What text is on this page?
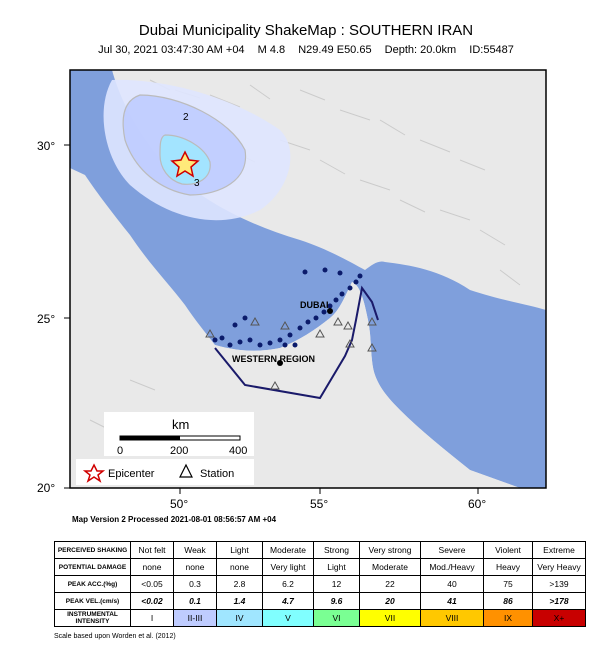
Dubai Municipality ShakeMap : SOUTHERN IRAN
Jul 30, 2021 03:47:30 AM +04 M 4.8 N29.49 E50.65 Depth: 20.0km ID:55487
30°
25°
20°
50°	55°	60°
DUBAI
WESTERN REGION
2
3
km
0	200	400
Epicenter	Station
Map Version 2 Processed 2021-08-01 08:56:57 AM +04
PERCEIVED SHAKING	Not felt	Weak	Light	Moderate	Strong	Very strong	Severe	Violent	Extreme
POTENTIAL DAMAGE	none	none	none	Very light	Light	Moderate	Mod./Heavy	Heavy	Very Heavy
PEAK ACC.(%g)	<0.05	0.3	2.8	6.2	12	22	40	75	>139
PEAK VEL.(cm/s)	<0.02	0.1	1.4	4.7	9.6	20	41	86	>178
INSTRUMENTAL INTENSITY	I	II-III	IV	V	VI	VII	VIII	IX	X+
Scale based upon Worden et al. (2012)
